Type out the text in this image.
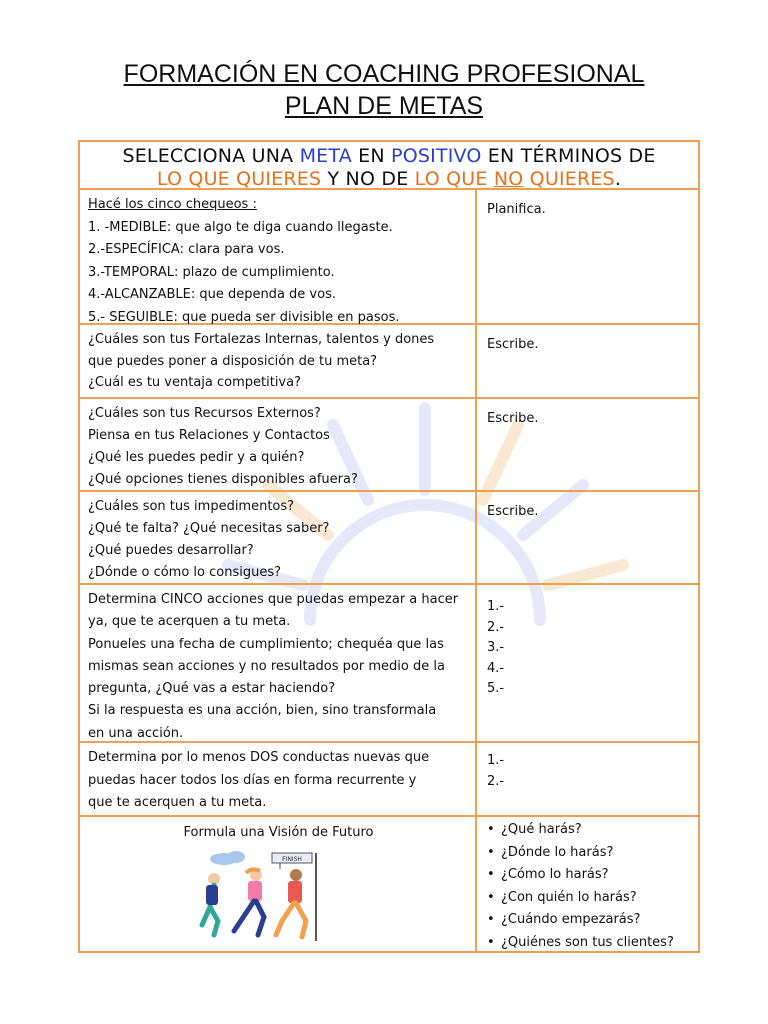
FORMACIÓN EN COACHING PROFESIONAL
PLAN DE METAS
SELECCIONA UNA META EN POSITIVO EN TÉRMINOS DE
LO QUE QUIERES Y NO DE LO QUE NO QUIERES.
Hacé los cinco chequeos :
1. -MEDIBLE: que algo te diga cuando llegaste.
2.-ESPECÍFICA: clara para vos.
3.-TEMPORAL: plazo de cumplimiento.
4.-ALCANZABLE: que dependa de vos.
5.- SEGUIBLE: que pueda ser divisible en pasos.
Planifica.
¿Cuáles son tus Fortalezas Internas, talentos y dones
que puedes poner a disposición de tu meta?
¿Cuál es tu ventaja competitiva?
Escribe.
¿Cuáles son tus Recursos Externos?
Piensa en tus Relaciones y Contactos
¿Qué les puedes pedir y a quién?
¿Qué opciones tienes disponibles afuera?
Escribe.
¿Cuáles son tus impedimentos?
¿Qué te falta? ¿Qué necesitas saber?
¿Qué puedes desarrollar?
¿Dónde o cómo lo consigues?
Escribe.
Determina CINCO acciones que puedas empezar a hacer
ya, que te acerquen a tu meta.
Ponueles una fecha de cumplimiento; chequéa que las
mismas sean acciones y no resultados por medio de la
pregunta, ¿Qué vas a estar haciendo?
Si la respuesta es una acción, bien, sino transformala
en una acción.
1.-
2.-
3.-
4.-
5.-
Determina por lo menos DOS conductas nuevas que
puedas hacer todos los días en forma recurrente y
que te acerquen a tu meta.
1.-
2.-
Formula una Visión de Futuro
FINISH
• ¿Qué harás?
• ¿Dónde lo harás?
• ¿Cómo lo harás?
• ¿Con quién lo harás?
• ¿Cuándo empezarás?
• ¿Quiénes son tus clientes?
